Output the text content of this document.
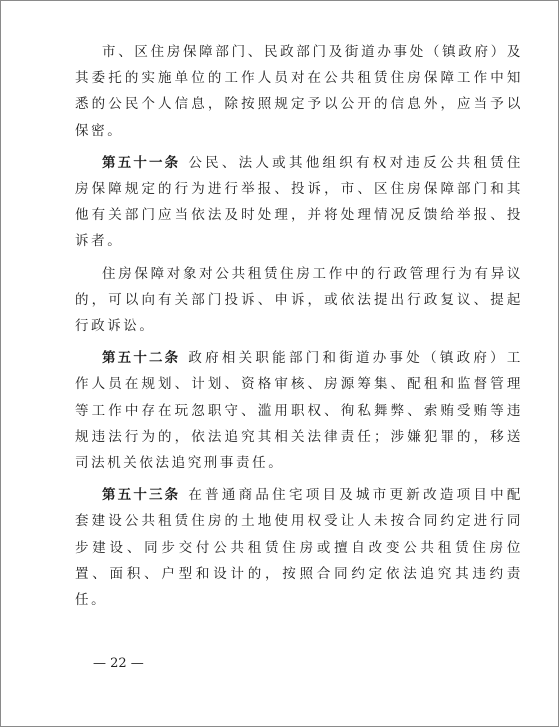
市、区住房保障部门、民政部门及街道办事处（镇政府）及其委托的实施单位的工作人员对在公共租赁住房保障工作中知悉的公民个人信息，除按照规定予以公开的信息外，应当予以保密。

第五十一条 公民、法人或其他组织有权对违反公共租赁住房保障规定的行为进行举报、投诉，市、区住房保障部门和其他有关部门应当依法及时处理，并将处理情况反馈给举报、投诉者。

住房保障对象对公共租赁住房工作中的行政管理行为有异议的，可以向有关部门投诉、申诉，或依法提出行政复议、提起行政诉讼。

第五十二条 政府相关职能部门和街道办事处（镇政府）工作人员在规划、计划、资格审核、房源筹集、配租和监督管理等工作中存在玩忽职守、滥用职权、徇私舞弊、索贿受贿等违规违法行为的，依法追究其相关法律责任；涉嫌犯罪的，移送司法机关依法追究刑事责任。

第五十三条 在普通商品住宅项目及城市更新改造项目中配套建设公共租赁住房的土地使用权受让人未按合同约定进行同步建设、同步交付公共租赁住房或擅自改变公共租赁住房位置、面积、户型和设计的，按照合同约定依法追究其违约责任。

— 22 —
